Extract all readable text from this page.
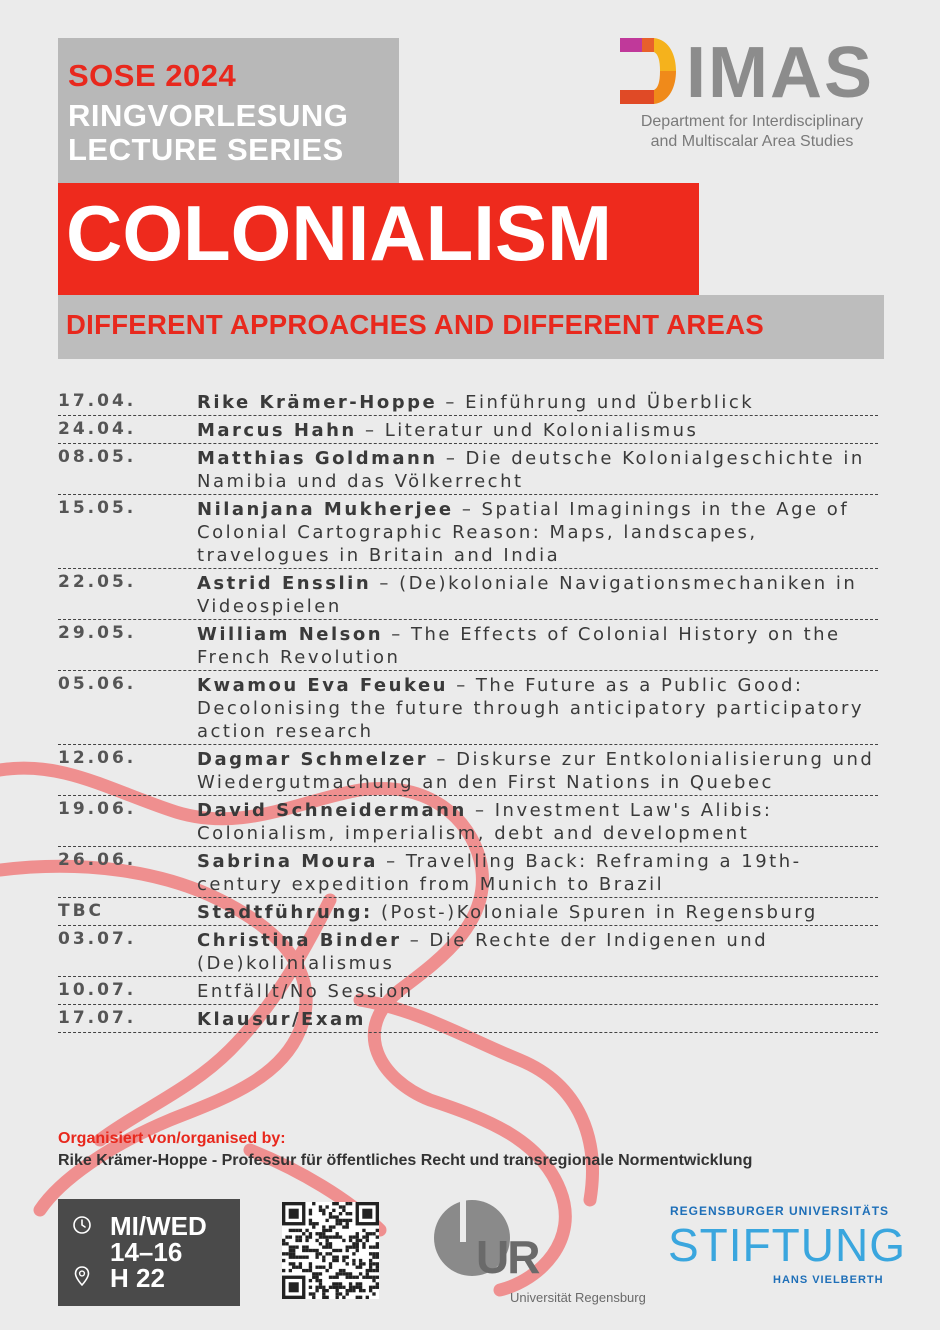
SOSE 2024
RINGVORLESUNG
LECTURE SERIES
COLONIALISM
DIFFERENT APPROACHES AND DIFFERENT AREAS
IMAS
Department for Interdisciplinary
and Multiscalar Area Studies
17.04.	Rike Krämer-Hoppe – Einführung und Überblick
24.04.	Marcus Hahn – Literatur und Kolonialismus
08.05.	Matthias Goldmann – Die deutsche Kolonialgeschichte in Namibia und das Völkerrecht
15.05.	Nilanjana Mukherjee – Spatial Imaginings in the Age of Colonial Cartographic Reason: Maps, landscapes, travelogues in Britain and India
22.05.	Astrid Ensslin – (De)koloniale Navigationsmechaniken in Videospielen
29.05.	William Nelson – The Effects of Colonial History on the French Revolution
05.06.	Kwamou Eva Feukeu – The Future as a Public Good: Decolonising the future through anticipatory participatory action research
12.06.	Dagmar Schmelzer – Diskurse zur Entkolonialisierung und Wiedergutmachung an den First Nations in Quebec
19.06.	David Schneidermann – Investment Law's Alibis: Colonialism, imperialism, debt and development
26.06.	Sabrina Moura – Travelling Back: Reframing a 19th-century expedition from Munich to Brazil
TBC	Stadtführung: (Post-)Koloniale Spuren in Regensburg
03.07.	Christina Binder – Die Rechte der Indigenen und (De)kolinialismus
10.07.	Entfällt/No Session
17.07.	Klausur/Exam
Organisiert von/organised by:
Rike Krämer-Hoppe - Professur für öffentliches Recht und transregionale Normentwicklung
MI/WED
14–16
H 22	UR
Universität Regensburg
REGENSBURGER UNIVERSITÄTS
STIFTUNG
HANS VIELBERTH
